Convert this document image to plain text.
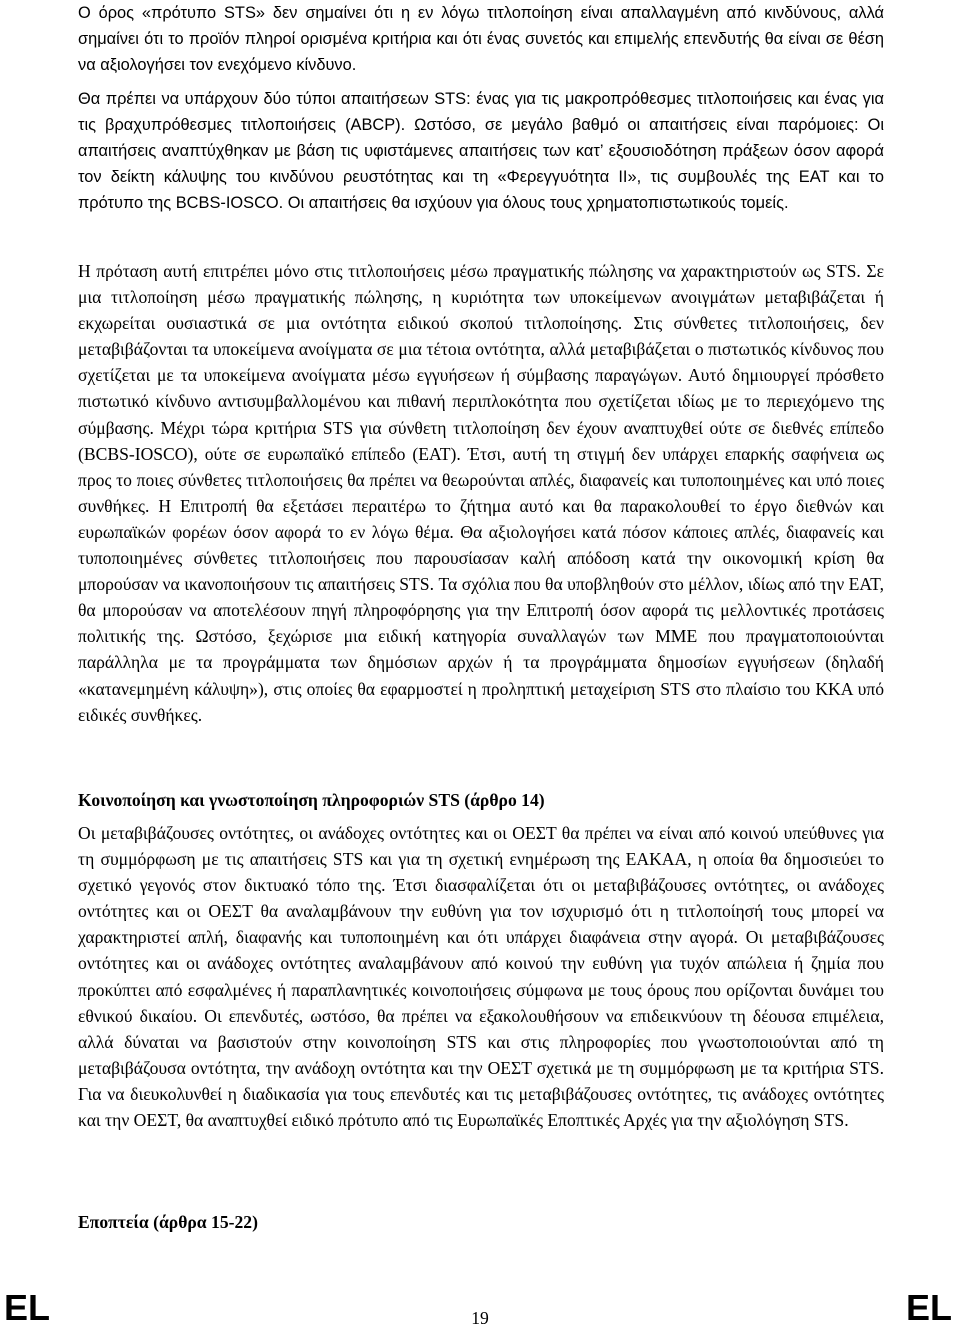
Ο όρος «πρότυπο STS» δεν σημαίνει ότι η εν λόγω τιτλοποίηση είναι απαλλαγμένη από κινδύνους, αλλά σημαίνει ότι το προϊόν πληροί ορισμένα κριτήρια και ότι ένας συνετός και επιμελής επενδυτής θα είναι σε θέση να αξιολογήσει τον ενεχόμενο κίνδυνο.

Θα πρέπει να υπάρχουν δύο τύποι απαιτήσεων STS: ένας για τις μακροπρόθεσμες τιτλοποιήσεις και ένας για τις βραχυπρόθεσμες τιτλοποιήσεις (ABCP). Ωστόσο, σε μεγάλο βαθμό οι απαιτήσεις είναι παρόμοιες: Οι απαιτήσεις αναπτύχθηκαν με βάση τις υφιστάμενες απαιτήσεις των κατ’ εξουσιοδότηση πράξεων όσον αφορά τον δείκτη κάλυψης του κινδύνου ρευστότητας και τη «Φερεγγυότητα II», τις συμβουλές της ΕΑΤ και το πρότυπο της BCBS-IOSCO. Οι απαιτήσεις θα ισχύουν για όλους τους χρηματοπιστωτικούς τομείς.

Η πρόταση αυτή επιτρέπει μόνο στις τιτλοποιήσεις μέσω πραγματικής πώλησης να χαρακτηριστούν ως STS. Σε μια τιτλοποίηση μέσω πραγματικής πώλησης, η κυριότητα των υποκείμενων ανοιγμάτων μεταβιβάζεται ή εκχωρείται ουσιαστικά σε μια οντότητα ειδικού σκοπού τιτλοποίησης. Στις σύνθετες τιτλοποιήσεις, δεν μεταβιβάζονται τα υποκείμενα ανοίγματα σε μια τέτοια οντότητα, αλλά μεταβιβάζεται ο πιστωτικός κίνδυνος που σχετίζεται με τα υποκείμενα ανοίγματα μέσω εγγυήσεων ή σύμβασης παραγώγων. Αυτό δημιουργεί πρόσθετο πιστωτικό κίνδυνο αντισυμβαλλομένου και πιθανή περιπλοκότητα που σχετίζεται ιδίως με το περιεχόμενο της σύμβασης. Μέχρι τώρα κριτήρια STS για σύνθετη τιτλοποίηση δεν έχουν αναπτυχθεί ούτε σε διεθνές επίπεδο (BCBS-IOSCO), ούτε σε ευρωπαϊκό επίπεδο (ΕΑΤ). Έτσι, αυτή τη στιγμή δεν υπάρχει επαρκής σαφήνεια ως προς το ποιες σύνθετες τιτλοποιήσεις θα πρέπει να θεωρούνται απλές, διαφανείς και τυποποιημένες και υπό ποιες συνθήκες. Η Επιτροπή θα εξετάσει περαιτέρω το ζήτημα αυτό και θα παρακολουθεί το έργο διεθνών και ευρωπαϊκών φορέων όσον αφορά το εν λόγω θέμα. Θα αξιολογήσει κατά πόσον κάποιες απλές, διαφανείς και τυποποιημένες σύνθετες τιτλοποιήσεις που παρουσίασαν καλή απόδοση κατά την οικονομική κρίση θα μπορούσαν να ικανοποιήσουν τις απαιτήσεις STS. Τα σχόλια που θα υποβληθούν στο μέλλον, ιδίως από την ΕΑΤ, θα μπορούσαν να αποτελέσουν πηγή πληροφόρησης για την Επιτροπή όσον αφορά τις μελλοντικές προτάσεις πολιτικής της. Ωστόσο, ξεχώρισε μια ειδική κατηγορία συναλλαγών των ΜΜΕ που πραγματοποιούνται παράλληλα με τα προγράμματα των δημόσιων αρχών ή τα προγράμματα δημοσίων εγγυήσεων (δηλαδή «κατανεμημένη κάλυψη»), στις οποίες θα εφαρμοστεί η προληπτική μεταχείριση STS στο πλαίσιο του ΚΚΑ υπό ειδικές συνθήκες.

Κοινοποίηση και γνωστοποίηση πληροφοριών STS (άρθρο 14)

Οι μεταβιβάζουσες οντότητες, οι ανάδοχες οντότητες και οι ΟΕΣΤ θα πρέπει να είναι από κοινού υπεύθυνες για τη συμμόρφωση με τις απαιτήσεις STS και για τη σχετική ενημέρωση της ΕΑΚΑΑ, η οποία θα δημοσιεύει το σχετικό γεγονός στον δικτυακό τόπο της. Έτσι διασφαλίζεται ότι οι μεταβιβάζουσες οντότητες, οι ανάδοχες οντότητες και οι ΟΕΣΤ θα αναλαμβάνουν την ευθύνη για τον ισχυρισμό ότι η τιτλοποίησή τους μπορεί να χαρακτηριστεί απλή, διαφανής και τυποποιημένη και ότι υπάρχει διαφάνεια στην αγορά. Οι μεταβιβάζουσες οντότητες και οι ανάδοχες οντότητες αναλαμβάνουν από κοινού την ευθύνη για τυχόν απώλεια ή ζημία που προκύπτει από εσφαλμένες ή παραπλανητικές κοινοποιήσεις σύμφωνα με τους όρους που ορίζονται δυνάμει του εθνικού δικαίου. Οι επενδυτές, ωστόσο, θα πρέπει να εξακολουθήσουν να επιδεικνύουν τη δέουσα επιμέλεια, αλλά δύναται να βασιστούν στην κοινοποίηση STS και στις πληροφορίες που γνωστοποιούνται από τη μεταβιβάζουσα οντότητα, την ανάδοχη οντότητα και την ΟΕΣΤ σχετικά με τη συμμόρφωση με τα κριτήρια STS. Για να διευκολυνθεί η διαδικασία για τους επενδυτές και τις μεταβιβάζουσες οντότητες, τις ανάδοχες οντότητες και την ΟΕΣΤ, θα αναπτυχθεί ειδικό πρότυπο από τις Ευρωπαϊκές Εποπτικές Αρχές για την αξιολόγηση STS.

Εποπτεία (άρθρα 15-22)

EL	19	EL
